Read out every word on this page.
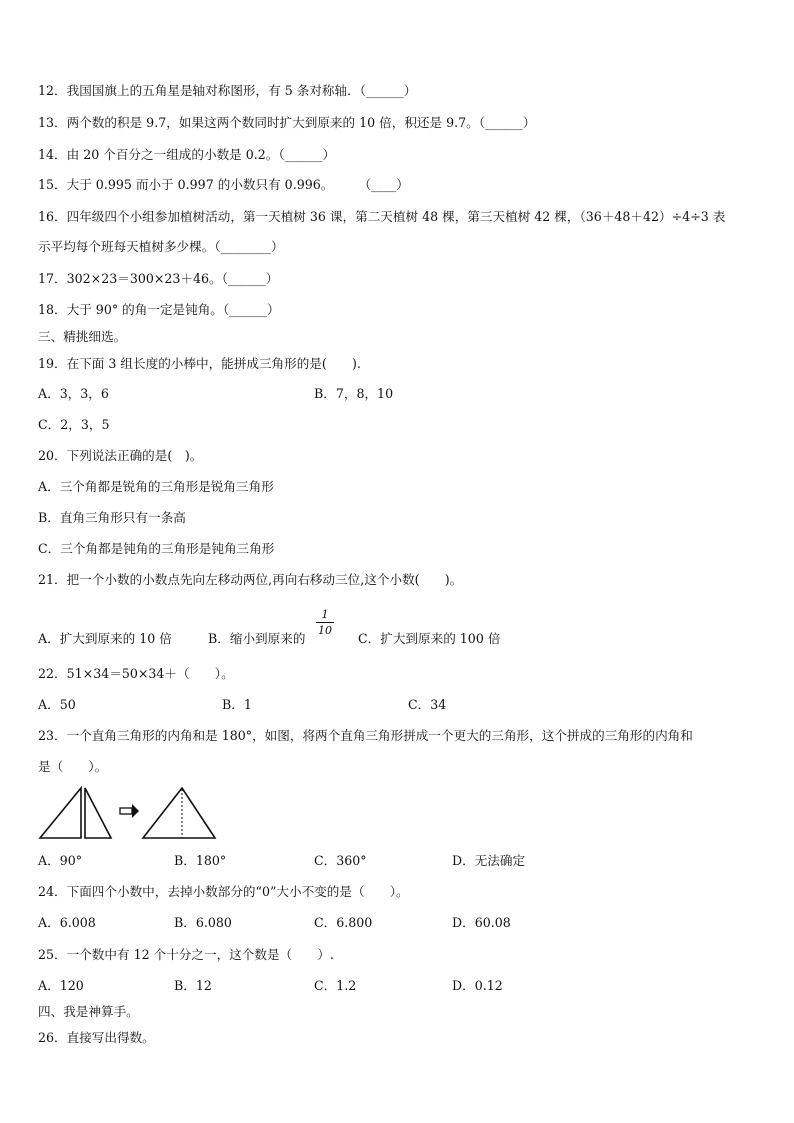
12．我国国旗上的五角星是轴对称图形，有 5 条对称轴．（______）
13．两个数的积是 9.7，如果这两个数同时扩大到原来的 10 倍，积还是 9.7。（______）
14．由 20 个百分之一组成的小数是 0.2。（______）
15．大于 0.995 而小于 0.997 的小数只有 0.996。　　　（____）
16．四年级四个小组参加植树活动，第一天植树 36 课，第二天植树 48 棵，第三天植树 42 棵，（36＋48＋42）÷4÷3 表
示平均每个班每天植树多少棵。（________）
17．302×23＝300×23＋46。（______）
18．大于 90° 的角一定是钝角。（______）
三、精挑细选。
19．在下面 3 组长度的小棒中，能拼成三角形的是(　　).
A．3，3，6	B．7，8，10
C．2，3，5
20．下列说法正确的是(　)。
A．三个角都是锐角的三角形是锐角三角形
B．直角三角形只有一条高
C．三个角都是钝角的三角形是钝角三角形
21．把一个小数的小数点先向左移动两位,再向右移动三位,这个小数(　　)。
A．扩大到原来的 10 倍	B．缩小到原来的
1
10
C．扩大到原来的 100 倍
22．51×34＝50×34＋（　　）。
A．50	B．1	C．34
23．一个直角三角形的内角和是 180°，如图，将两个直角三角形拼成一个更大的三角形，这个拼成的三角形的内角和
是（　　）。
A．90°	B．180°	C．360°	D．无法确定
24．下面四个小数中，去掉小数部分的“0”大小不变的是（　　）。
A．6.008	B．6.080	C．6.800	D．60.08
25．一个数中有 12 个十分之一，这个数是（　　）.
A．120	B．12	C．1.2	D．0.12
四、我是神算手。
26．直接写出得数。
